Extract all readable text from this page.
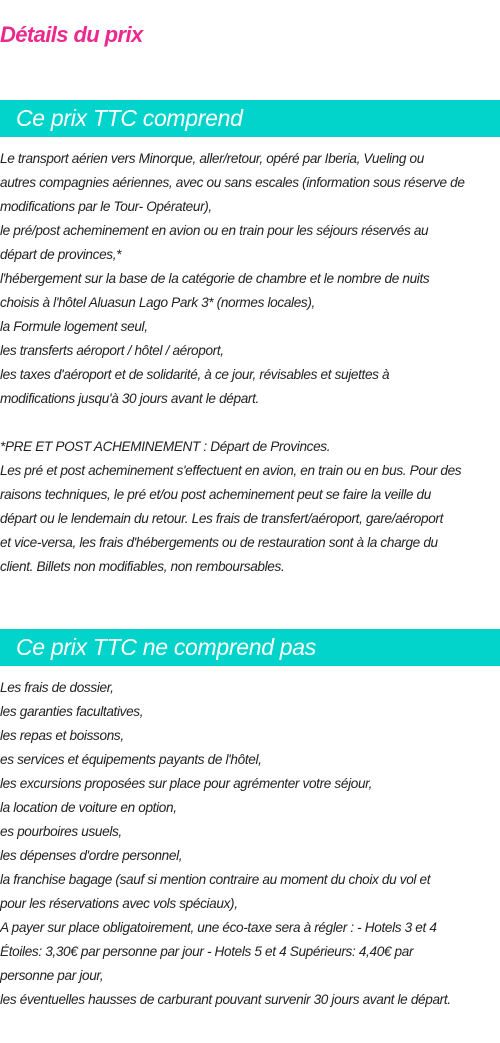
Détails du prix
Ce prix TTC comprend
Le transport aérien vers Minorque, aller/retour, opéré par Iberia, Vueling ou
autres compagnies aériennes, avec ou sans escales (information sous réserve de
modifications par le Tour- Opérateur),
le pré/post acheminement en avion ou en train pour les séjours réservés au
départ de provinces,*
l'hébergement sur la base de la catégorie de chambre et le nombre de nuits
choisis à l'hôtel Aluasun Lago Park 3* (normes locales),
la Formule logement seul,
les transferts aéroport / hôtel / aéroport,
les taxes d'aéroport et de solidarité, à ce jour, révisables et sujettes à
modifications jusqu'à 30 jours avant le départ.
*PRE ET POST ACHEMINEMENT : Départ de Provinces.
Les pré et post acheminement s'effectuent en avion, en train ou en bus. Pour des
raisons techniques, le pré et/ou post acheminement peut se faire la veille du
départ ou le lendemain du retour. Les frais de transfert/aéroport, gare/aéroport
et vice-versa, les frais d'hébergements ou de restauration sont à la charge du
client. Billets non modifiables, non remboursables.
Ce prix TTC ne comprend pas
Les frais de dossier,
les garanties facultatives,
les repas et boissons,
es services et équipements payants de l'hôtel,
les excursions proposées sur place pour agrémenter votre séjour,
la location de voiture en option,
es pourboires usuels,
les dépenses d'ordre personnel,
la franchise bagage (sauf si mention contraire au moment du choix du vol et
pour les réservations avec vols spéciaux),
A payer sur place obligatoirement, une éco-taxe sera à régler : - Hotels 3 et 4
Étoiles: 3,30€ par personne par jour - Hotels 5 et 4 Supérieurs: 4,40€ par
personne par jour,
les éventuelles hausses de carburant pouvant survenir 30 jours avant le départ.
